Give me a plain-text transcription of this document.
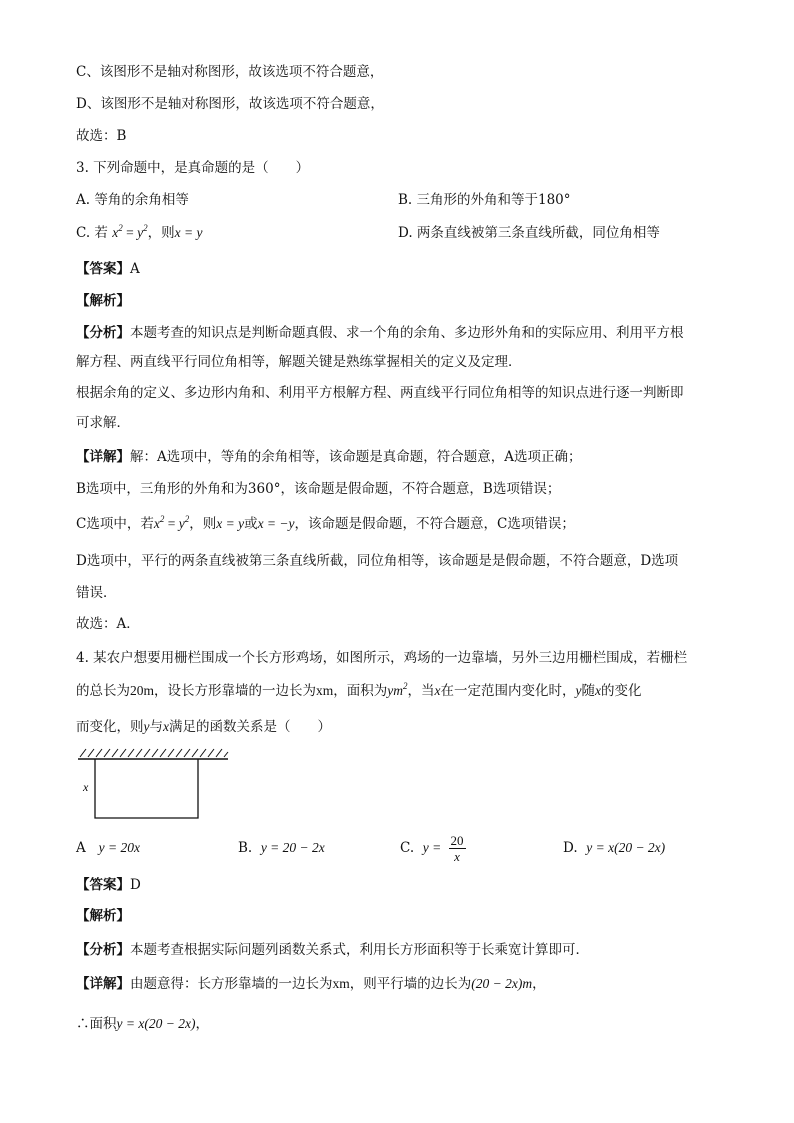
C、该图形不是轴对称图形，故该选项不符合题意，
D、该图形不是轴对称图形，故该选项不符合题意，
故选：B
3. 下列命题中，是真命题的是（　　）
A. 等角的余角相等	B. 三角形的外角和等于180°
C. 若 $x^2 = y^2$，则x = y	D. 两条直线被第三条直线所截，同位角相等
【答案】A
【解析】
【分析】本题考查的知识点是判断命题真假、求一个角的余角、多边形外角和的实际应用、利用平方根
解方程、两直线平行同位角相等，解题关键是熟练掌握相关的定义及定理．
根据余角的定义、多边形内角和、利用平方根解方程、两直线平行同位角相等的知识点进行逐一判断即
可求解．
【详解】解：A选项中，等角的余角相等，该命题是真命题，符合题意，A选项正确；
B选项中，三角形的外角和为360°，该命题是假命题，不符合题意，B选项错误；
C选项中，若$x^2 = y^2$，则x = y或x = −y，该命题是假命题，不符合题意，C选项错误；
D选项中，平行的两条直线被第三条直线所截，同位角相等，该命题是是假命题，不符合题意，D选项
错误．
故选：A．
4. 某农户想要用栅栏围成一个长方形鸡场，如图所示，鸡场的一边靠墙，另外三边用栅栏围成，若栅栏
的总长为20m，设长方形靠墙的一边长为xm，面积为$ym^2$，当x在一定范围内变化时，y随x的变化
而变化，则y与x满足的函数关系是（　　）
x
A y = 20x	B. y = 20 − 2x	C. $y = \frac{20}{x}$	D. y = x(20 − 2x)
【答案】D
【解析】
【分析】本题考查根据实际问题列函数关系式，利用长方形面积等于长乘宽计算即可．
【详解】由题意得：长方形靠墙的一边长为xm，则平行墙的边长为(20 − 2x)m，
∴面积y = x(20 − 2x)，
